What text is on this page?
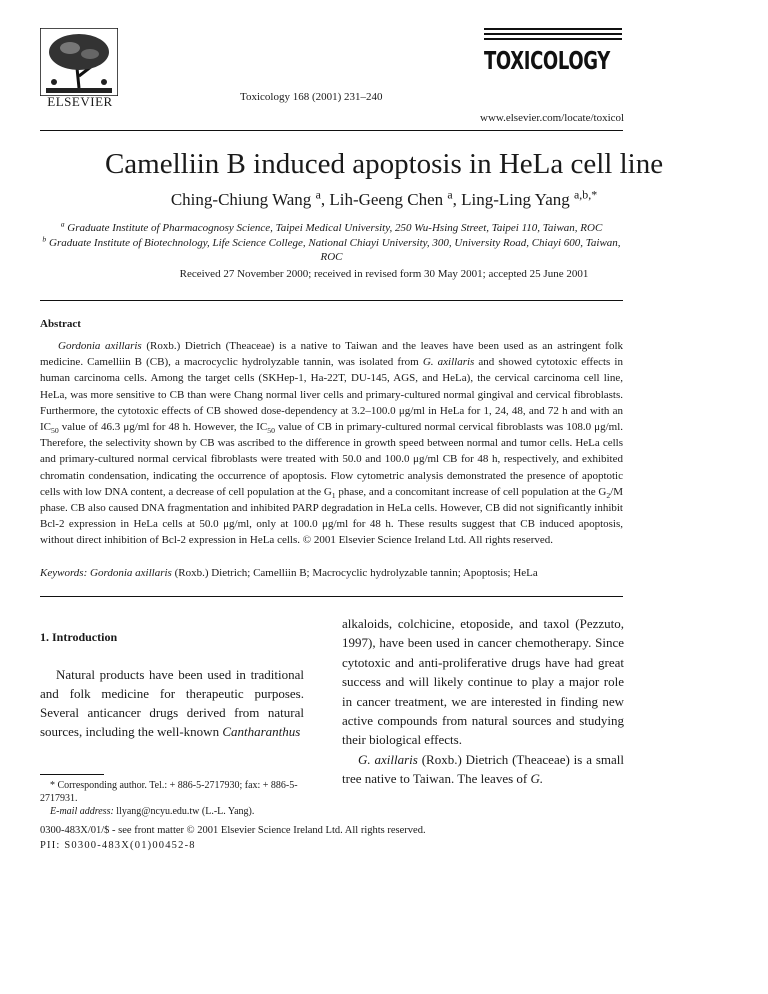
ELSEVIER	Toxicology 168 (2001) 231–240
TOXICOLOGY
www.elsevier.com/locate/toxicol
Camelliin B induced apoptosis in HeLa cell line
Ching-Chiung Wang $^a$, Lih-Geeng Chen $^a$, Ling-Ling Yang $^{a,b,*}$
$^a$ Graduate Institute of Pharmacognosy Science, Taipei Medical University, 250 Wu-Hsing Street, Taipei 110, Taiwan, ROC
$^b$ Graduate Institute of Biotechnology, Life Science College, National Chiayi University, 300, University Road, Chiayi 600, Taiwan, ROC
Received 27 November 2000; received in revised form 30 May 2001; accepted 25 June 2001
Abstract
Gordonia axillaris (Roxb.) Dietrich (Theaceae) is a native to Taiwan and the leaves have been used as an astringent folk medicine. Camelliin B (CB), a macrocyclic hydrolyzable tannin, was isolated from G. axillaris and showed cytotoxic effects in human carcinoma cells. Among the target cells (SKHep-1, Ha-22T, DU-145, AGS, and HeLa), the cervical carcinoma cell line, HeLa, was more sensitive to CB than were Chang normal liver cells and primary-cultured normal gingival and cervical fibroblasts. Furthermore, the cytotoxic effects of CB showed dose-dependency at 3.2–100.0 μg/ml in HeLa for 1, 24, 48, and 72 h and with an $IC_{50}$ value of 46.3 μg/ml for 48 h. However, the $IC_{50}$ value of CB in primary-cultured normal cervical fibroblasts was 108.0 μg/ml. Therefore, the selectivity shown by CB was ascribed to the difference in growth speed between normal and tumor cells. HeLa cells and primary-cultured normal cervical fibroblasts were treated with 50.0 and 100.0 μg/ml CB for 48 h, respectively, and exhibited chromatin condensation, indicating the occurrence of apoptosis. Flow cytometric analysis demonstrated the presence of apoptotic cells with low DNA content, a decrease of cell population at the $G_1$ phase, and a concomitant increase of cell population at the $G_2/M$ phase. CB also caused DNA fragmentation and inhibited PARP degradation in HeLa cells. However, CB did not significantly inhibit Bcl-2 expression in HeLa cells at 50.0 μg/ml, only at 100.0 μg/ml for 48 h. These results suggest that CB induced apoptosis, without direct inhibition of Bcl-2 expression in HeLa cells. © 2001 Elsevier Science Ireland Ltd. All rights reserved.
Keywords: Gordonia axillaris (Roxb.) Dietrich; Camelliin B; Macrocyclic hydrolyzable tannin; Apoptosis; HeLa
1. Introduction
Natural products have been used in traditional and folk medicine for therapeutic purposes. Several anticancer drugs derived from natural sources, including the well-known Cantharanthus
* Corresponding author. Tel.: + 886-5-2717930; fax: + 886-5-2717931.
E-mail address: llyang@ncyu.edu.tw (L.-L. Yang).
alkaloids, colchicine, etoposide, and taxol (Pezzuto, 1997), have been used in cancer chemotherapy. Since cytotoxic and anti-proliferative drugs have had great success and will likely continue to play a major role in cancer treatment, we are interested in finding new active compounds from natural sources and studying their biological effects.
G. axillaris (Roxb.) Dietrich (Theaceae) is a small tree native to Taiwan. The leaves of G.
0300-483X/01/$ - see front matter © 2001 Elsevier Science Ireland Ltd. All rights reserved.
PII: S0300-483X(01)00452-8
